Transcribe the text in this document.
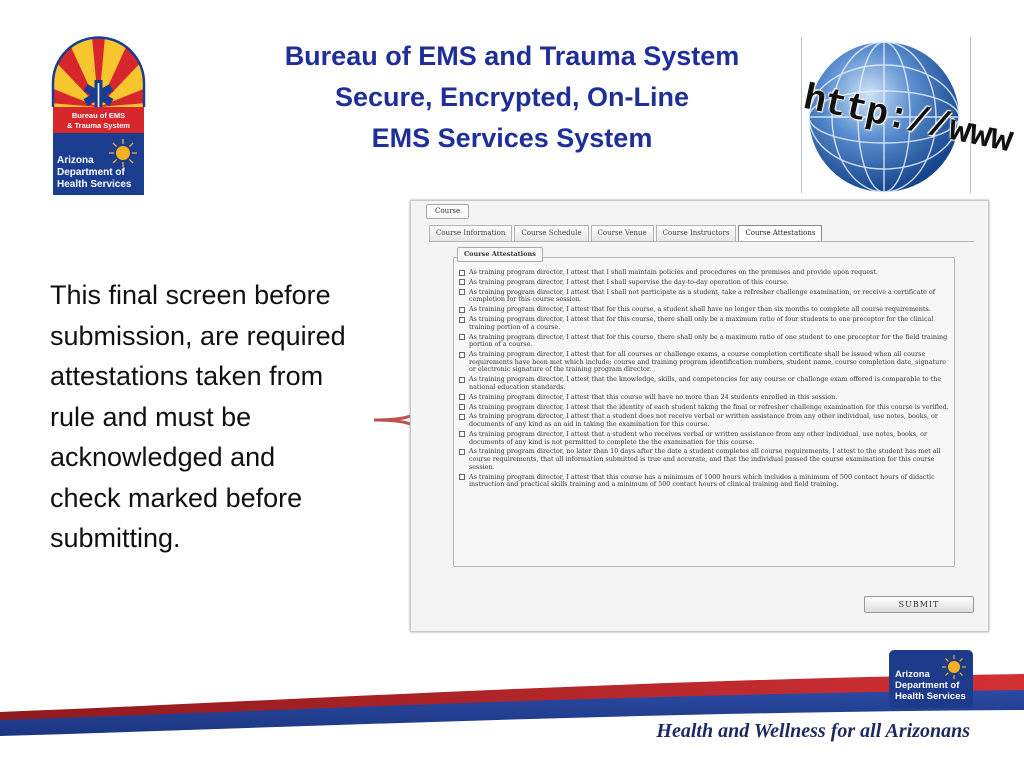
Bureau of EMS and Trauma System
Secure, Encrypted, On-Line
EMS Services System
Bureau of EMS
& Trauma System
Arizona
Department of
Health Services
http://www
This final screen before
submission, are required
attestations taken from
rule and must be
acknowledged and
check marked before
submitting.
Course
Course Information	Course Schedule	Course Venue	Course Instructors	Course Attestations
Course Attestations
As training program director, I attest that I shall maintain policies and procedures on the premises and provide upon request.
As training program director, I attest that I shall supervise the day-to-day operation of this course.
As training program director, I attest that I shall not participate as a student, take a refresher challenge examination, or receive a certificate of completion for this course session.
As training program director, I attest that for this course, a student shall have no longer than six months to complete all course requirements.
As training program director, I attest that for this course, there shall only be a maximum ratio of four students to one preceptor for the clinical training portion of a course.
As training program director, I attest that for this course, there shall only be a maximum ratio of one student to one preceptor for the field training portion of a course.
As training program director, I attest that for all courses or challenge exams, a course completion certificate shall be issued when all course requirements have been met which include; course and training program identification numbers, student name, course completion date, signature or electronic signature of the training program director.
As training program director, I attest that the knowledge, skills, and competencies for any course or challenge exam offered is comparable to the national education standards.
As training program director, I attest that this course will have no more than 24 students enrolled in this session.
As training program director, I attest that the identity of each student taking the final or refresher challenge examination for this course is verified.
As training program director, I attest that a student does not receive verbal or written assistance from any other individual, use notes, books, or documents of any kind as an aid in taking the examination for this course.
As training program director, I attest that a student who receives verbal or written assistance from any other individual, use notes, books, or documents of any kind is not permitted to complete the the examination for this course.
As training program director, no later than 10 days after the date a student completes all course requirements, I attest to the student has met all course requirements, that all information submitted is true and accurate, and that the individual passed the course examination for this course session.
As training program director, I attest that this course has a minimum of 1000 hours which includes a minimum of 500 contact hours of didactic instruction and practical skills training and a minimum of 500 contact hours of clinical training and field training.
SUBMIT
Arizona
Department of
Health Services
Health and Wellness for all Arizonans
